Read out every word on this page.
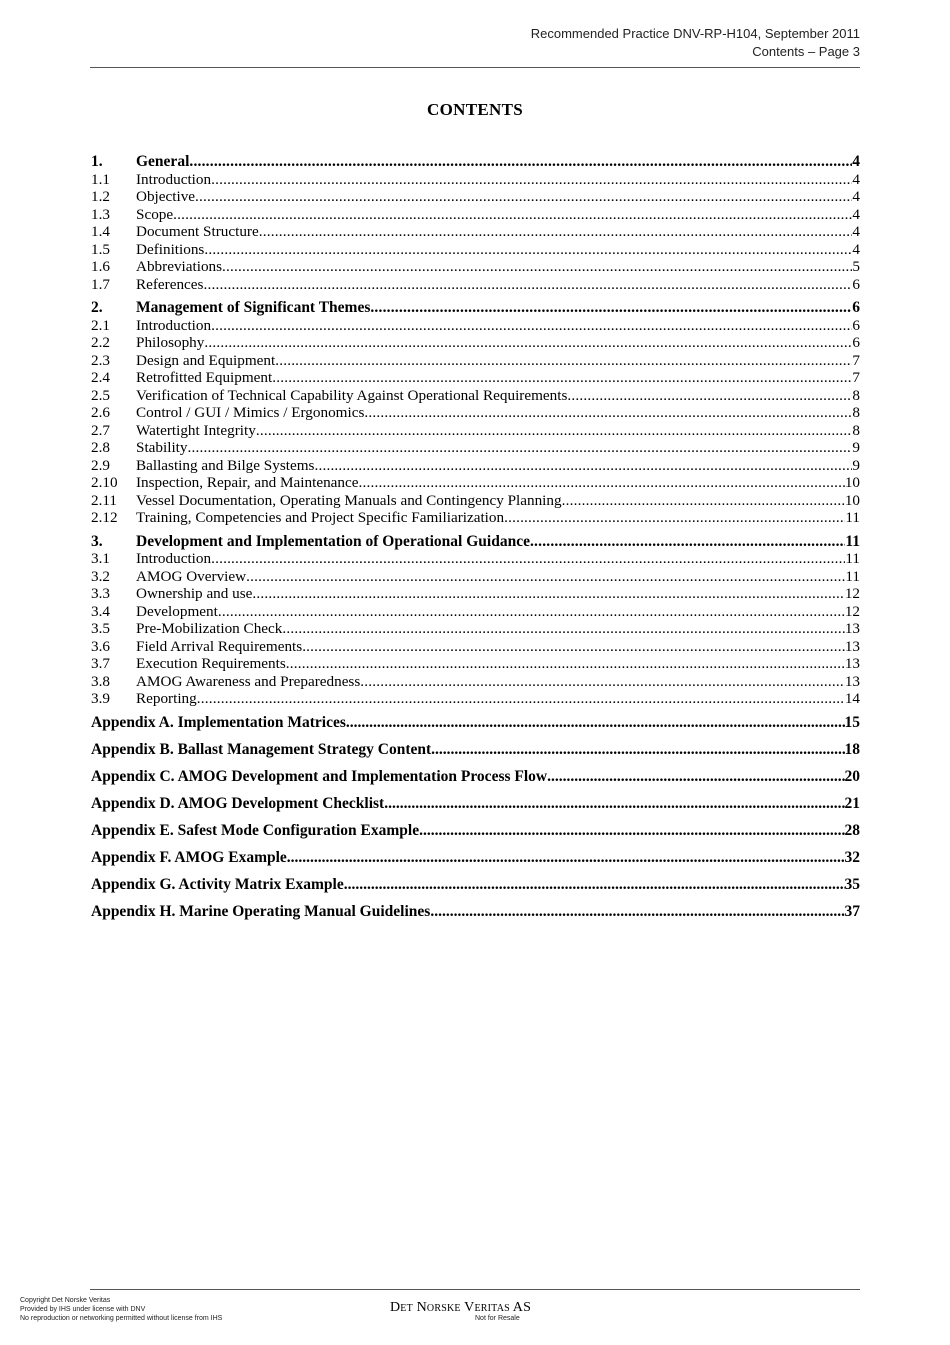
Recommended Practice DNV-RP-H104, September 2011
Contents – Page 3
CONTENTS
1.	General .....	4
1.1	Introduction .....	4
1.2	Objective .....	4
1.3	Scope .....	4
1.4	Document Structure .....	4
1.5	Definitions .....	4
1.6	Abbreviations .....	5
1.7	References .....	6
2.	Management of Significant Themes .....	6
2.1	Introduction .....	6
2.2	Philosophy .....	6
2.3	Design and Equipment .....	7
2.4	Retrofitted Equipment .....	7
2.5	Verification of Technical Capability Against Operational Requirements .....	8
2.6	Control / GUI / Mimics / Ergonomics .....	8
2.7	Watertight Integrity .....	8
2.8	Stability .....	9
2.9	Ballasting and Bilge Systems .....	9
2.10	Inspection, Repair, and Maintenance .....	10
2.11	Vessel Documentation, Operating Manuals and Contingency Planning .....	10
2.12	Training, Competencies and Project Specific Familiarization .....	11
3.	Development and Implementation of Operational Guidance .....	11
3.1	Introduction .....	11
3.2	AMOG Overview .....	11
3.3	Ownership and use .....	12
3.4	Development .....	12
3.5	Pre-Mobilization Check .....	13
3.6	Field Arrival Requirements .....	13
3.7	Execution Requirements .....	13
3.8	AMOG Awareness and Preparedness .....	13
3.9	Reporting .....	14
Appendix A. Implementation Matrices .....	15
Appendix B. Ballast Management Strategy Content .....	18
Appendix C. AMOG Development and Implementation Process Flow .....	20
Appendix D. AMOG Development Checklist .....	21
Appendix E. Safest Mode Configuration Example .....	28
Appendix F. AMOG Example .....	32
Appendix G. Activity Matrix Example .....	35
Appendix H. Marine Operating Manual Guidelines .....	37
Copyright Det Norske Veritas
Provided by IHS under license with DNV
No reproduction or networking permitted without license from IHS
Det Norske Veritas AS
Not for Resale
